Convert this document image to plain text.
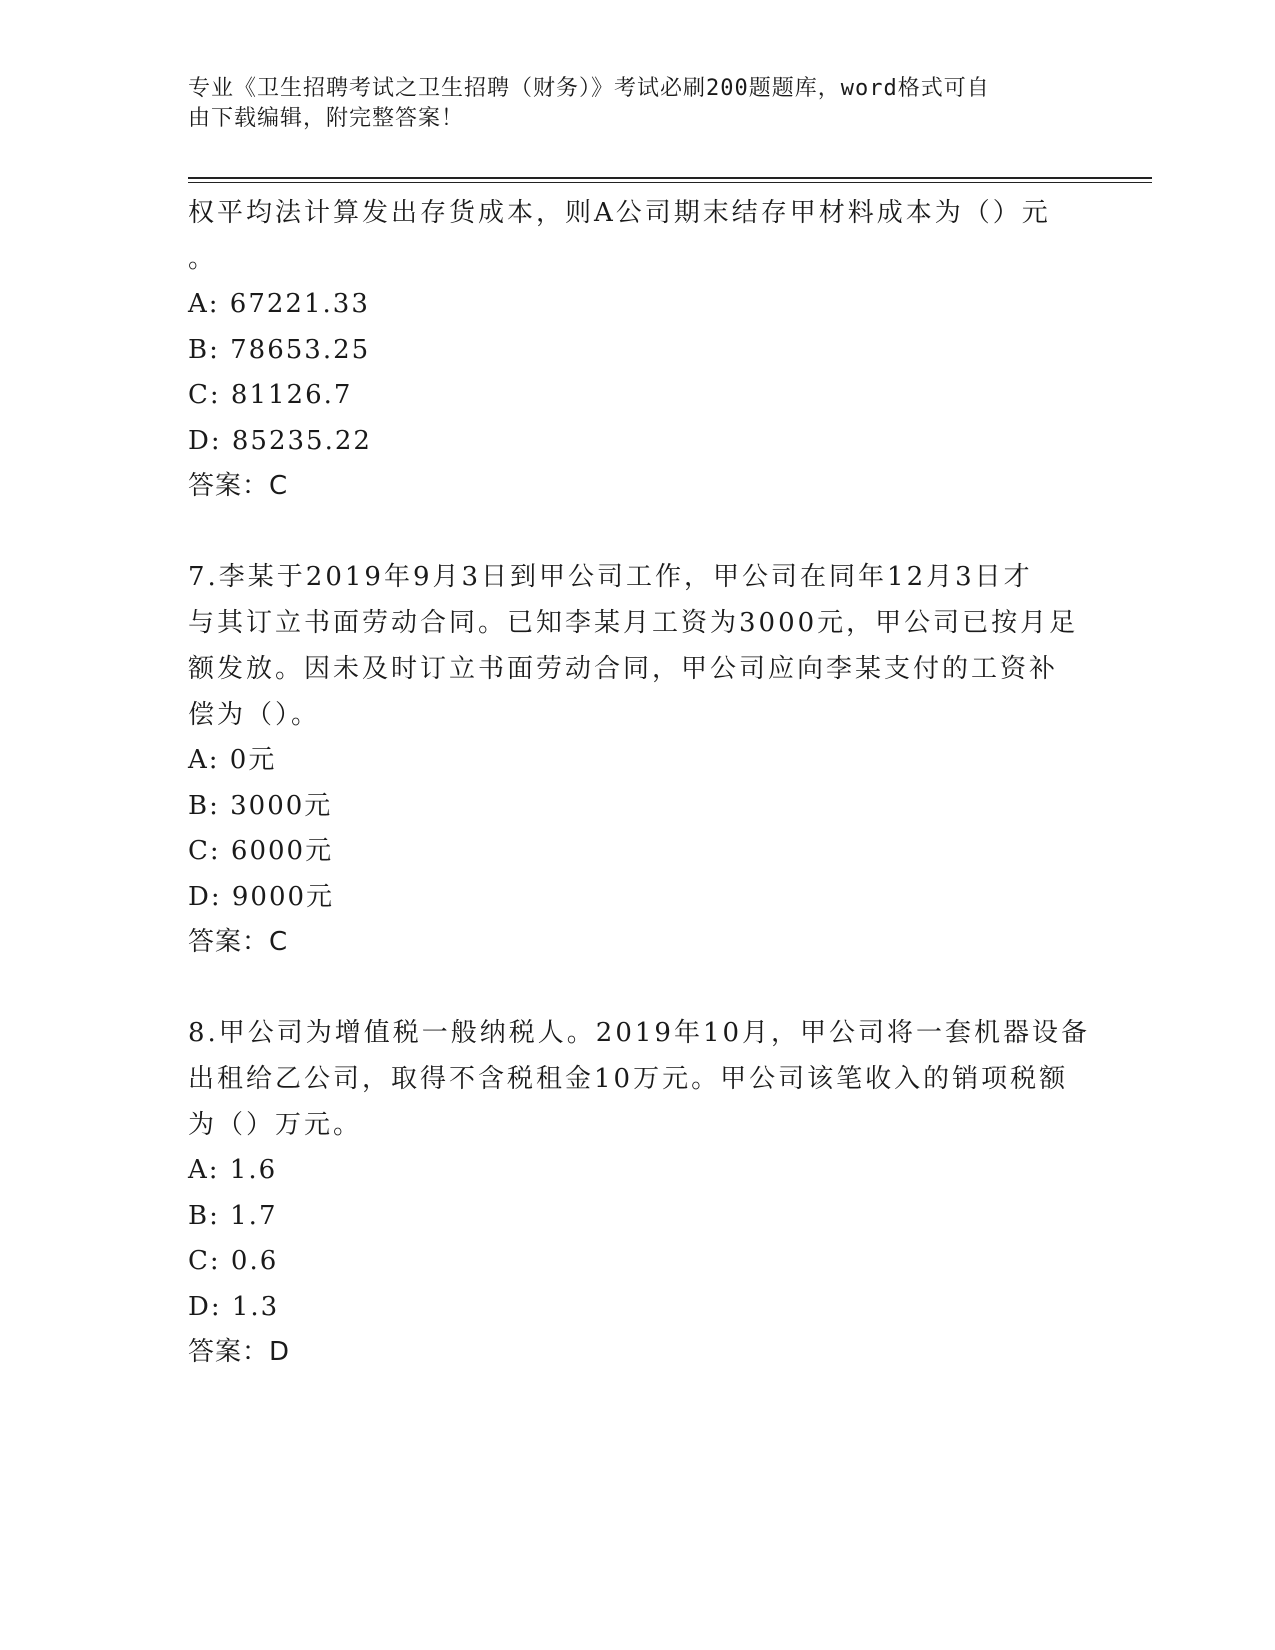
专业《卫生招聘考试之卫生招聘（财务）》考试必刷200题题库，word格式可自
由下载编辑，附完整答案！
权平均法计算发出存货成本，则A公司期末结存甲材料成本为（）元
。
A: 67221.33
B: 78653.25
C: 81126.7
D: 85235.22
答案：C
7.李某于2019年9月3日到甲公司工作，甲公司在同年12月3日才
与其订立书面劳动合同。已知李某月工资为3000元，甲公司已按月足
额发放。因未及时订立书面劳动合同，甲公司应向李某支付的工资补
偿为（）。
A: 0元
B: 3000元
C: 6000元
D: 9000元
答案：C
8.甲公司为增值税一般纳税人。2019年10月，甲公司将一套机器设备
出租给乙公司，取得不含税租金10万元。甲公司该笔收入的销项税额
为（）万元。
A: 1.6
B: 1.7
C: 0.6
D: 1.3
答案：D
